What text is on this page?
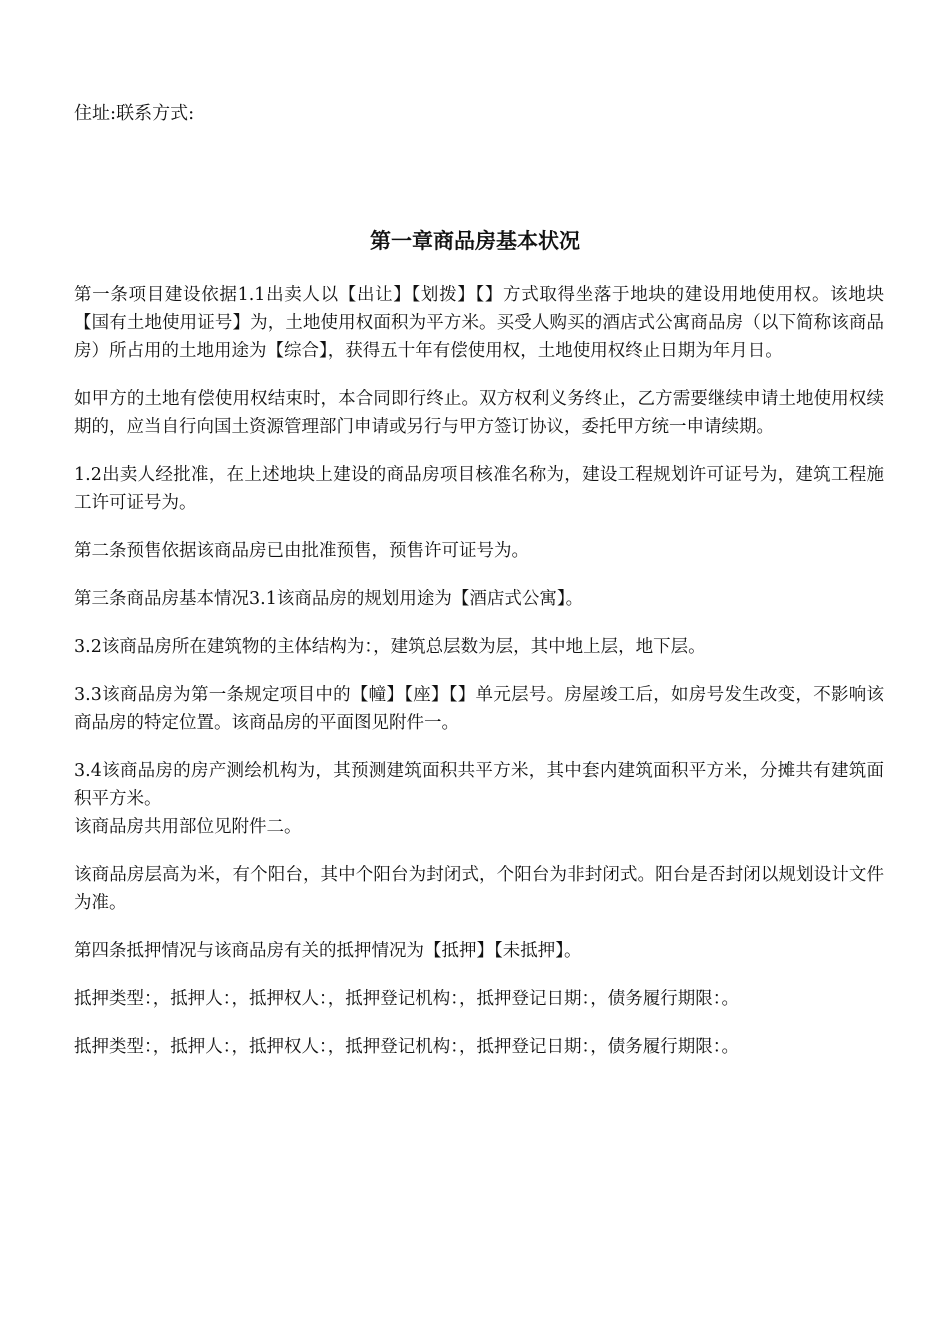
住址:联系方式:
第一章商品房基本状况

第一条项目建设依据1.1出卖人以【出让】【划拨】【】方式取得坐落于地块的建设用地使用权。该地块【国有土地使用证号】为，土地使用权面积为平方米。买受人购买的酒店式公寓商品房（以下简称该商品房）所占用的土地用途为【综合】，获得五十年有偿使用权，土地使用权终止日期为年月日。

如甲方的土地有偿使用权结束时，本合同即行终止。双方权利义务终止，乙方需要继续申请土地使用权续期的，应当自行向国土资源管理部门申请或另行与甲方签订协议，委托甲方统一申请续期。

1.2出卖人经批准，在上述地块上建设的商品房项目核准名称为，建设工程规划许可证号为，建筑工程施工许可证号为。

第二条预售依据该商品房已由批准预售，预售许可证号为。

第三条商品房基本情况3.1该商品房的规划用途为【酒店式公寓】。

3.2该商品房所在建筑物的主体结构为：，建筑总层数为层，其中地上层，地下层。

3.3该商品房为第一条规定项目中的【幢】【座】【】单元层号。房屋竣工后，如房号发生改变，不影响该商品房的特定位置。该商品房的平面图见附件一。

3.4该商品房的房产测绘机构为，其预测建筑面积共平方米，其中套内建筑面积平方米，分摊共有建筑面积平方米。

该商品房共用部位见附件二。

该商品房层高为米，有个阳台，其中个阳台为封闭式，个阳台为非封闭式。阳台是否封闭以规划设计文件为准。

第四条抵押情况与该商品房有关的抵押情况为【抵押】【未抵押】。

抵押类型：，抵押人：，抵押权人：，抵押登记机构：，抵押登记日期：，债务履行期限：。

抵押类型：，抵押人：，抵押权人：，抵押登记机构：，抵押登记日期：，债务履行期限：。
